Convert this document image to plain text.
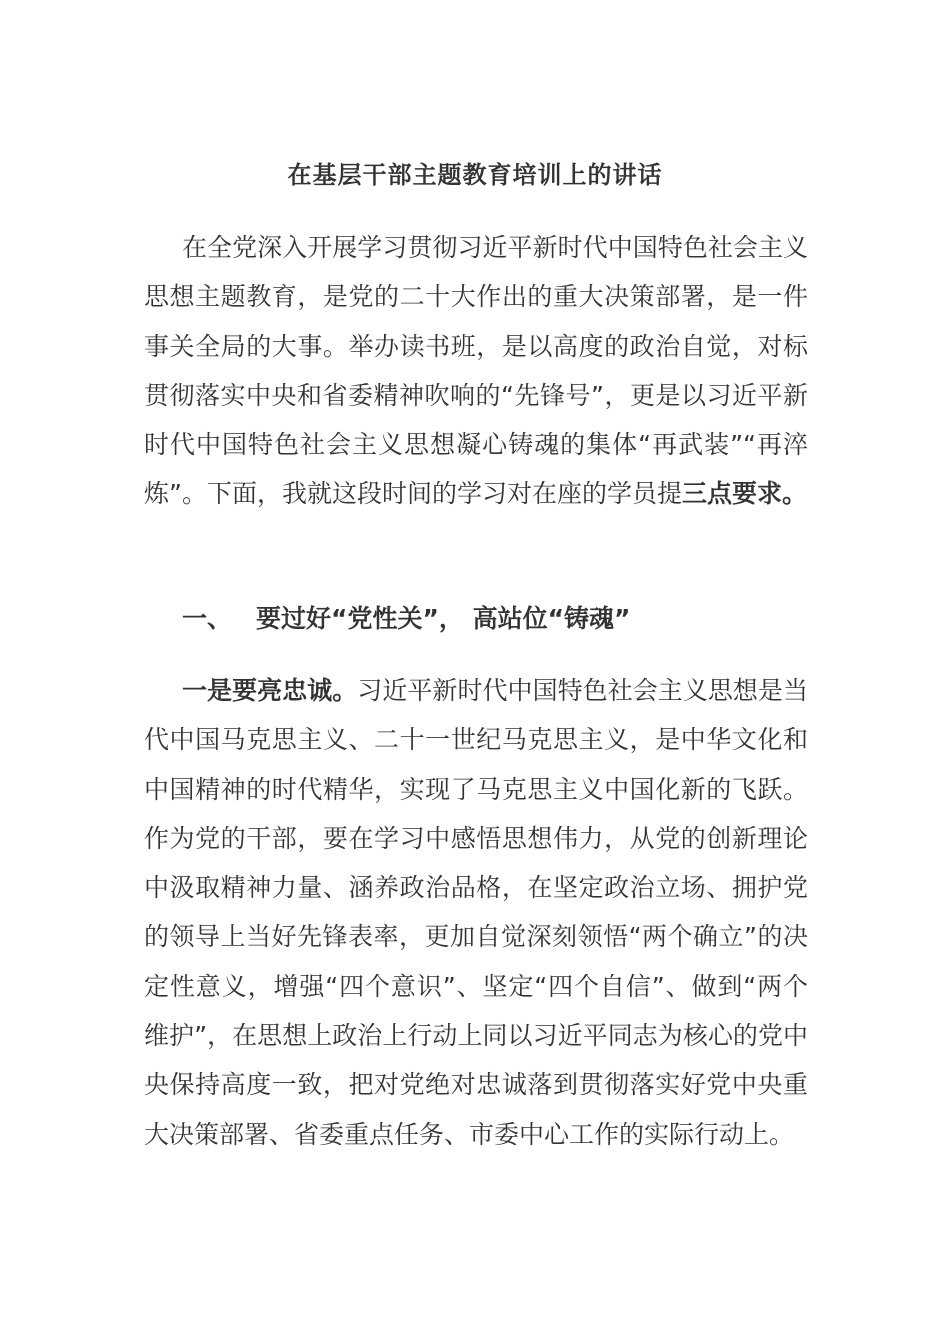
在基层干部主题教育培训上的讲话

在全党深入开展学习贯彻习近平新时代中国特色社会主义思想主题教育，是党的二十大作出的重大决策部署，是一件事关全局的大事。举办读书班，是以高度的政治自觉，对标贯彻落实中央和省委精神吹响的“先锋号”，更是以习近平新时代中国特色社会主义思想凝心铸魂的集体“再武装”“再淬炼”。下面，我就这段时间的学习对在座的学员提三点要求。

一、 要过好“党性关”， 高站位“铸魂”

一是要亮忠诚。习近平新时代中国特色社会主义思想是当代中国马克思主义、二十一世纪马克思主义，是中华文化和中国精神的时代精华，实现了马克思主义中国化新的飞跃。作为党的干部，要在学习中感悟思想伟力，从党的创新理论中汲取精神力量、涵养政治品格，在坚定政治立场、拥护党的领导上当好先锋表率，更加自觉深刻领悟“两个确立”的决定性意义，增强“四个意识”、坚定“四个自信”、做到“两个维护”，在思想上政治上行动上同以习近平同志为核心的党中央保持高度一致，把对党绝对忠诚落到贯彻落实好党中央重大决策部署、省委重点任务、市委中心工作的实际行动上。
